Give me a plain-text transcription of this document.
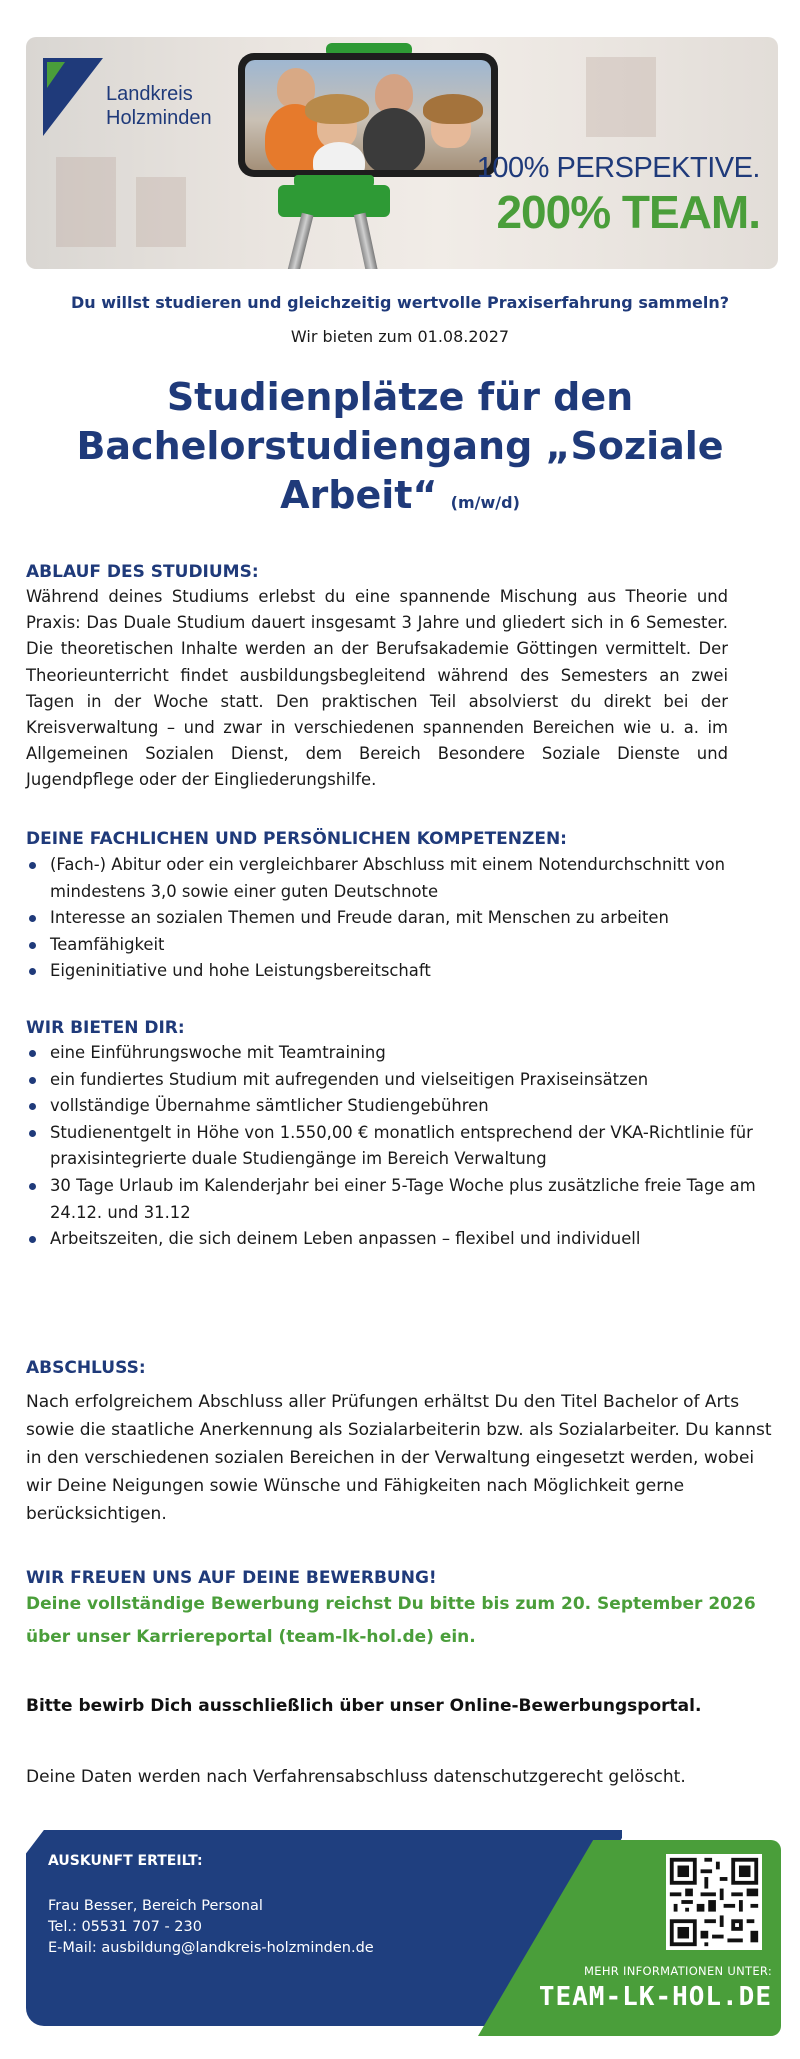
Landkreis
Holzminden
100% PERSPEKTIVE.
200% TEAM.
Du willst studieren und gleichzeitig wertvolle Praxiserfahrung sammeln?
Wir bieten zum 01.08.2027
Studienplätze für den
Bachelorstudiengang „Soziale
Arbeit“ (m/w/d)
ABLAUF DES STUDIUMS:
Während deines Studiums erlebst du eine spannende Mischung aus Theorie und Praxis: Das Duale Studium dauert insgesamt 3 Jahre und gliedert sich in 6 Semester. Die theoretischen Inhalte werden an der Berufsakademie Göttingen vermittelt. Der Theorieunterricht findet ausbildungsbegleitend während des Semesters an zwei Tagen in der Woche statt. Den praktischen Teil absolvierst du direkt bei der Kreisverwaltung – und zwar in verschiedenen spannenden Bereichen wie u. a. im Allgemeinen Sozialen Dienst, dem Bereich Besondere Soziale Dienste und Jugendpflege oder der Eingliederungshilfe.
DEINE FACHLICHEN UND PERSÖNLICHEN KOMPETENZEN:
(Fach-) Abitur oder ein vergleichbarer Abschluss mit einem Notendurchschnitt von mindestens 3,0 sowie einer guten Deutschnote
Interesse an sozialen Themen und Freude daran, mit Menschen zu arbeiten
Teamfähigkeit
Eigeninitiative und hohe Leistungsbereitschaft
WIR BIETEN DIR:
eine Einführungswoche mit Teamtraining
ein fundiertes Studium mit aufregenden und vielseitigen Praxiseinsätzen
vollständige Übernahme sämtlicher Studiengebühren
Studienentgelt in Höhe von 1.550,00 € monatlich entsprechend der VKA-Richtlinie für praxisintegrierte duale Studiengänge im Bereich Verwaltung
30 Tage Urlaub im Kalenderjahr bei einer 5-Tage Woche plus zusätzliche freie Tage am 24.12. und 31.12
Arbeitszeiten, die sich deinem Leben anpassen – flexibel und individuell
ABSCHLUSS:
Nach erfolgreichem Abschluss aller Prüfungen erhältst Du den Titel Bachelor of Arts sowie die staatliche Anerkennung als Sozialarbeiterin bzw. als Sozialarbeiter. Du kannst in den verschiedenen sozialen Bereichen in der Verwaltung eingesetzt werden, wobei wir Deine Neigungen sowie Wünsche und Fähigkeiten nach Möglichkeit gerne berücksichtigen.
WIR FREUEN UNS AUF DEINE BEWERBUNG!
Deine vollständige Bewerbung reichst Du bitte bis zum 20. September 2026
über unser Karriereportal (team-lk-hol.de) ein.
Bitte bewirb Dich ausschließlich über unser Online-Bewerbungsportal.
Deine Daten werden nach Verfahrensabschluss datenschutzgerecht gelöscht.
AUSKUNFT ERTEILT:
Frau Besser, Bereich Personal
Tel.: 05531 707 - 230
E-Mail: ausbildung@landkreis-holzminden.de
MEHR INFORMATIONEN UNTER:
TEAM-LK-HOL.DE
